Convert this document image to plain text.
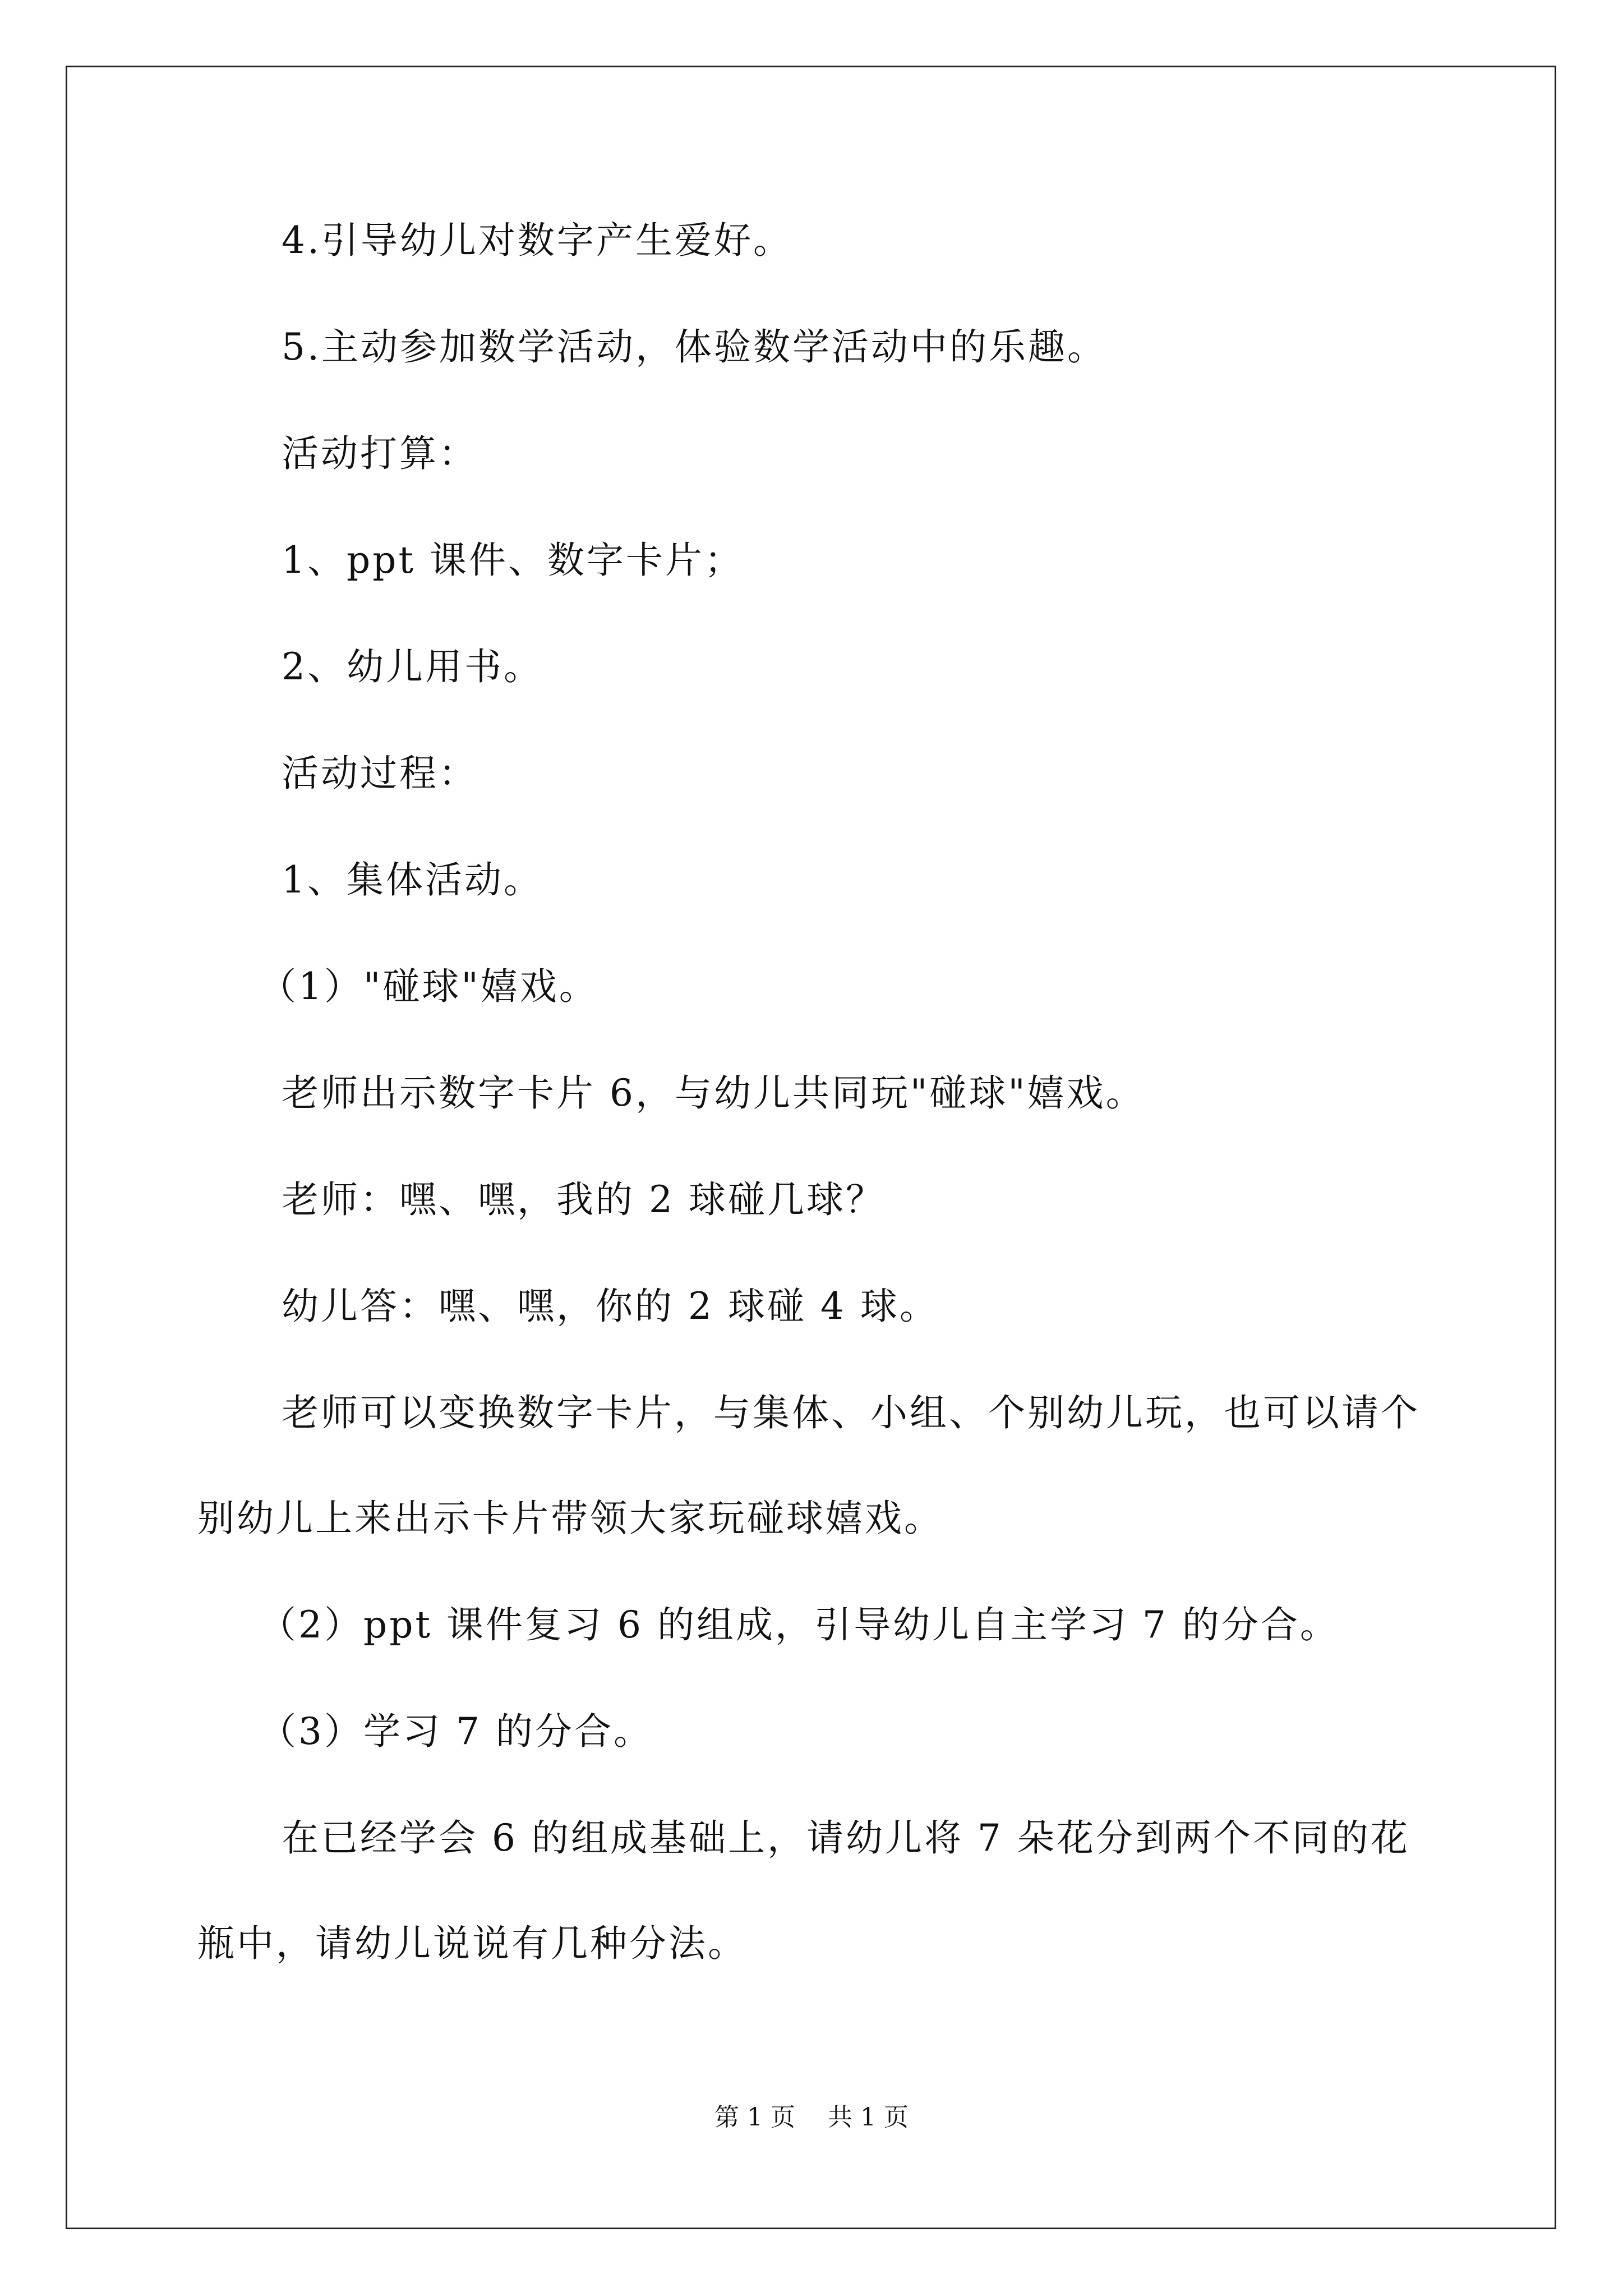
4.引导幼儿对数字产生爱好。

5.主动参加数学活动，体验数学活动中的乐趣。

活动打算：

1、ppt 课件、数字卡片；

2、幼儿用书。

活动过程：

1、集体活动。

（1）"碰球"嬉戏。

老师出示数字卡片 6，与幼儿共同玩"碰球"嬉戏。

老师：嘿、嘿，我的 2 球碰几球？

幼儿答：嘿、嘿，你的 2 球碰 4 球。

老师可以变换数字卡片，与集体、小组、个别幼儿玩，也可以请个别幼儿上来出示卡片带领大家玩碰球嬉戏。

（2）ppt 课件复习 6 的组成，引导幼儿自主学习 7 的分合。

（3）学习 7 的分合。

在已经学会 6 的组成基础上，请幼儿将 7 朵花分到两个不同的花瓶中，请幼儿说说有几种分法。

第 1 页 共 1 页
